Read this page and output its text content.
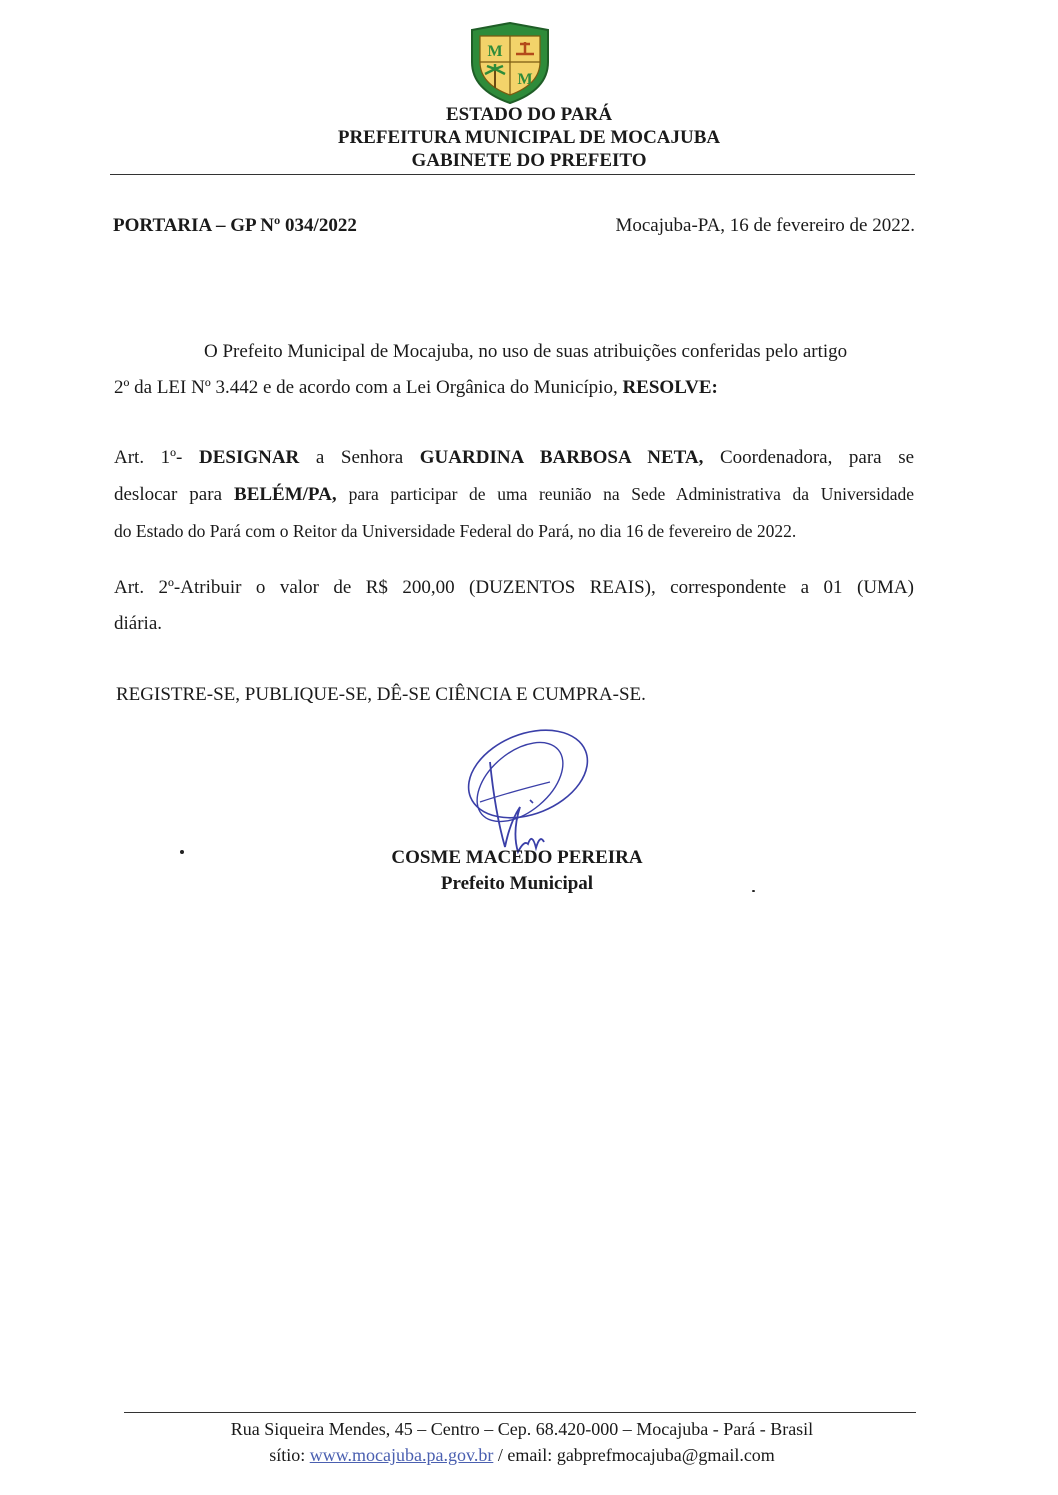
M
M
ESTADO DO PARÁ
PREFEITURA MUNICIPAL DE MOCAJUBA
GABINETE DO PREFEITO
PORTARIA – GP Nº 034/2022	Mocajuba-PA, 16 de fevereiro de 2022.
O Prefeito Municipal de Mocajuba, no uso de suas atribuições conferidas pelo artigo
2º da LEI Nº 3.442 e de acordo com a Lei Orgânica do Município, RESOLVE:
Art. 1º- DESIGNAR a Senhora GUARDINA BARBOSA NETA, Coordenadora, para se
deslocar para BELÉM/PA, para participar de uma reunião na Sede Administrativa da Universidade
do Estado do Pará com o Reitor da Universidade Federal do Pará, no dia 16 de fevereiro de 2022.
Art. 2º-Atribuir o valor de R$ 200,00 (DUZENTOS REAIS), correspondente a 01 (UMA)
diária.
REGISTRE-SE, PUBLIQUE-SE, DÊ-SE CIÊNCIA E CUMPRA-SE.
COSME MACEDO PEREIRA
Prefeito Municipal
Rua Siqueira Mendes, 45 – Centro – Cep. 68.420-000 – Mocajuba - Pará - Brasil
sítio: www.mocajuba.pa.gov.br / email: gabprefmocajuba@gmail.com
